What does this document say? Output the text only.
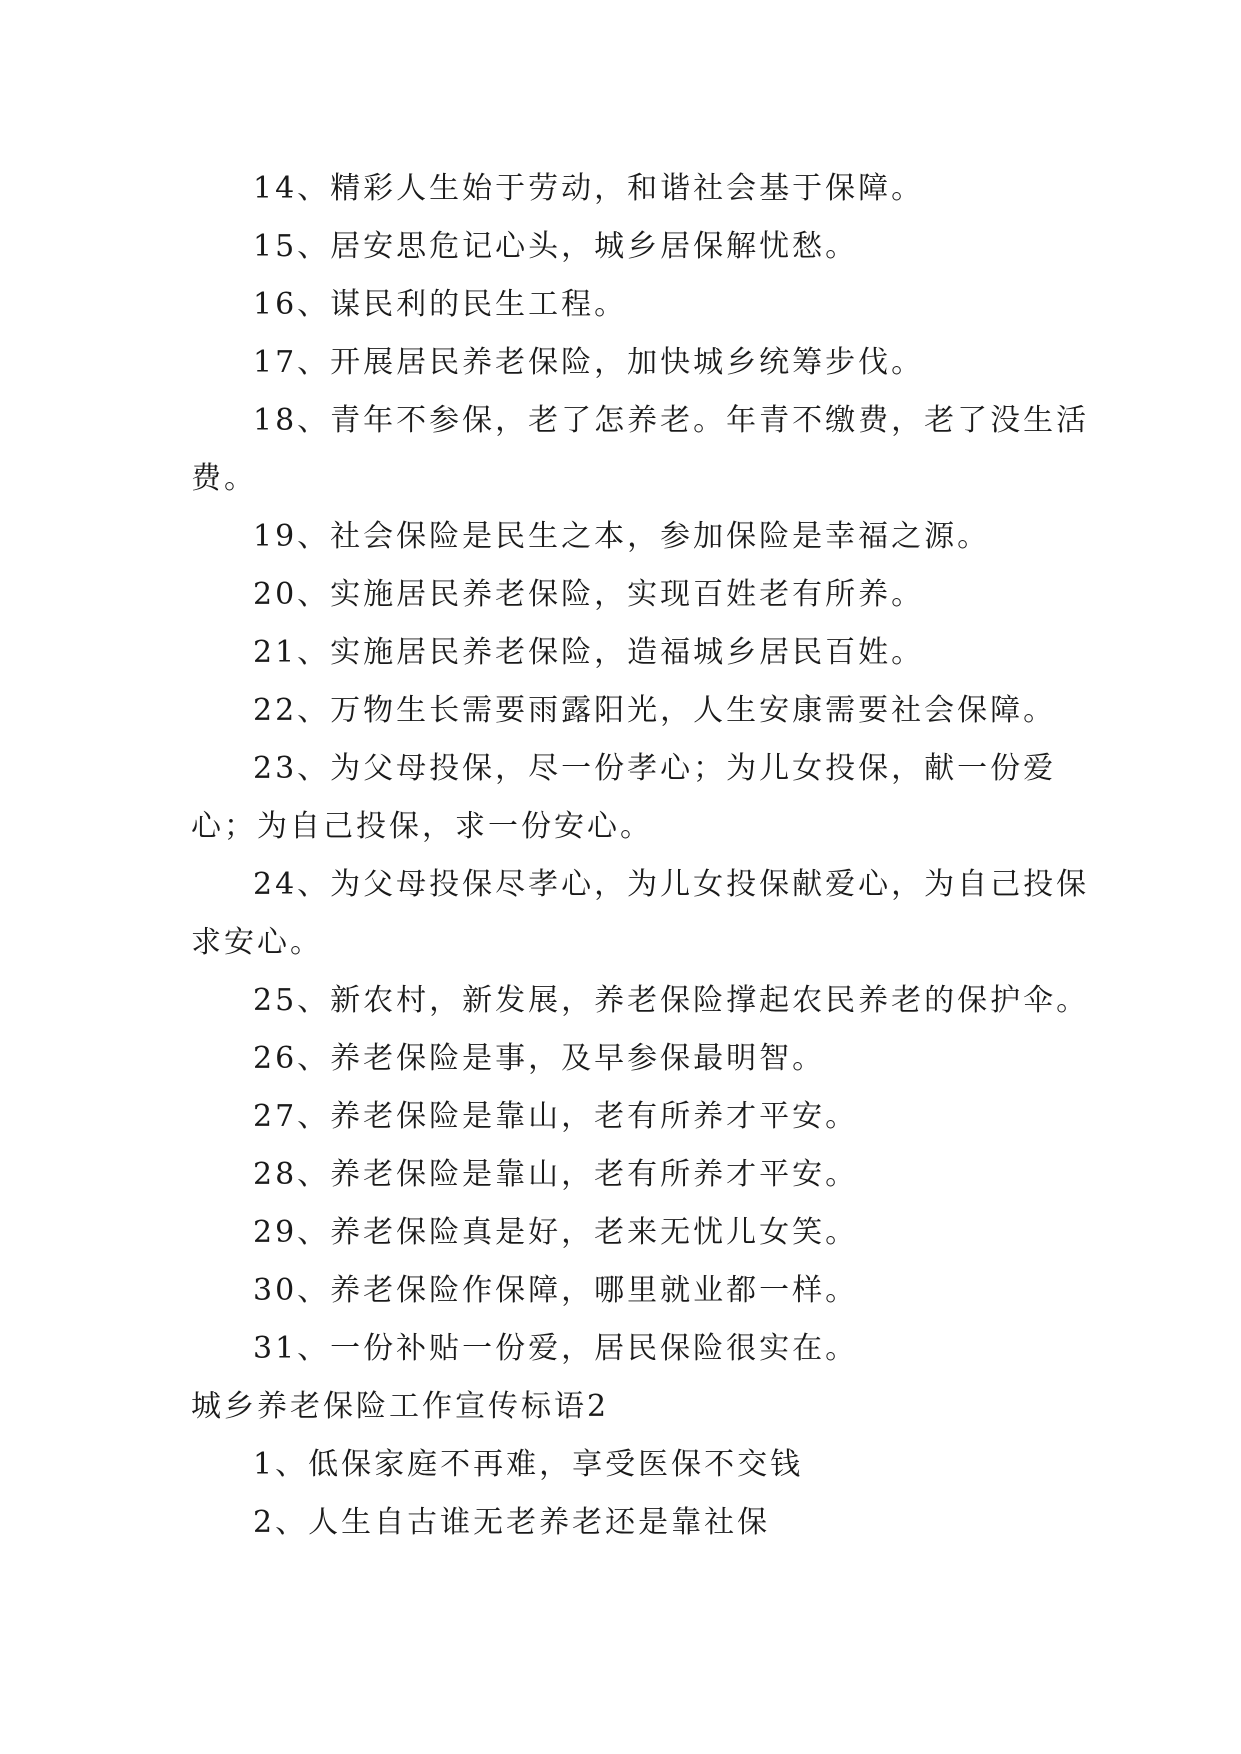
14、精彩人生始于劳动，和谐社会基于保障。

15、居安思危记心头，城乡居保解忧愁。

16、谋民利的民生工程。

17、开展居民养老保险，加快城乡统筹步伐。

18、青年不参保，老了怎养老。年青不缴费，老了没生活费。

19、社会保险是民生之本，参加保险是幸福之源。

20、实施居民养老保险，实现百姓老有所养。

21、实施居民养老保险，造福城乡居民百姓。

22、万物生长需要雨露阳光，人生安康需要社会保障。

23、为父母投保，尽一份孝心；为儿女投保，献一份爱心；为自己投保，求一份安心。

24、为父母投保尽孝心，为儿女投保献爱心，为自己投保求安心。

25、新农村，新发展，养老保险撑起农民养老的保护伞。

26、养老保险是事，及早参保最明智。

27、养老保险是靠山，老有所养才平安。

28、养老保险是靠山，老有所养才平安。

29、养老保险真是好，老来无忧儿女笑。

30、养老保险作保障，哪里就业都一样。

31、一份补贴一份爱，居民保险很实在。

城乡养老保险工作宣传标语2

1、低保家庭不再难，享受医保不交钱

2、人生自古谁无老养老还是靠社保
